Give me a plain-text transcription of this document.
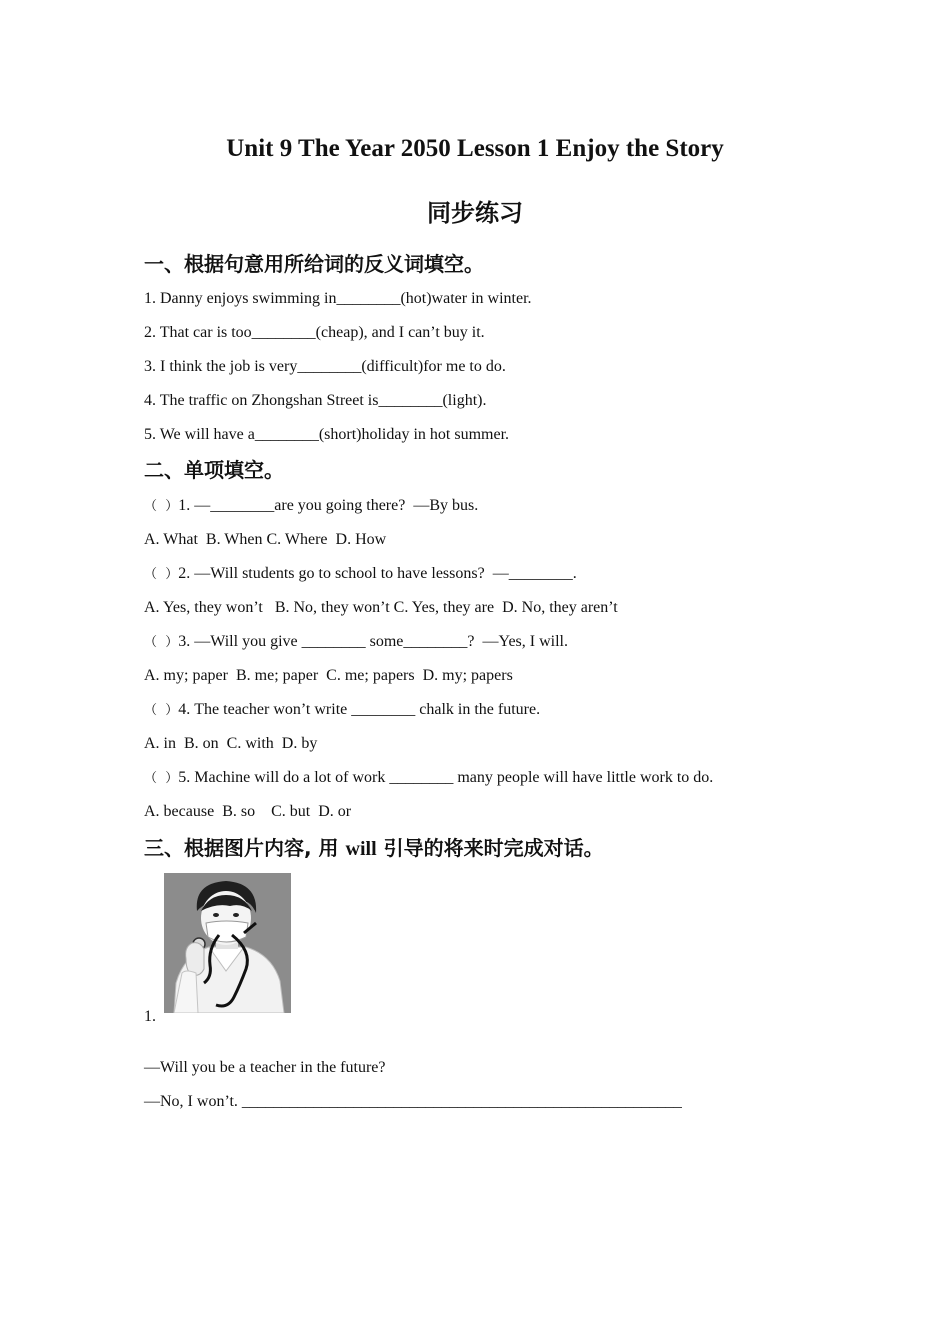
Unit 9 The Year 2050 Lesson 1 Enjoy the Story
同步练习
一、根据句意用所给词的反义词填空。
1. Danny enjoys swimming in________(hot)water in winter.
2. That car is too________(cheap), and I can’t buy it.
3. I think the job is very________(difficult)for me to do.
4. The traffic on Zhongshan Street is________(light).
5. We will have a________(short)holiday in hot summer.
二、单项填空。
（  ）1. —________are you going there?  —By bus.
A. What  B. When C. Where  D. How
（  ）2. —Will students go to school to have lessons?  —________.
A. Yes, they won’t   B. No, they won’t C. Yes, they are  D. No, they aren’t
（  ）3. —Will you give ________ some________?  —Yes, I will.
A. my; paper  B. me; paper  C. me; papers  D. my; papers
（  ）4. The teacher won’t write ________ chalk in the future.
A. in  B. on  C. with  D. by
（  ）5. Machine will do a lot of work ________ many people will have little work to do.
A. because  B. so    C. but  D. or
三、根据图片内容, 用 will 引导的将来时完成对话。
1.
—Will you be a teacher in the future?
—No, I won’t. _______________________________________________________
